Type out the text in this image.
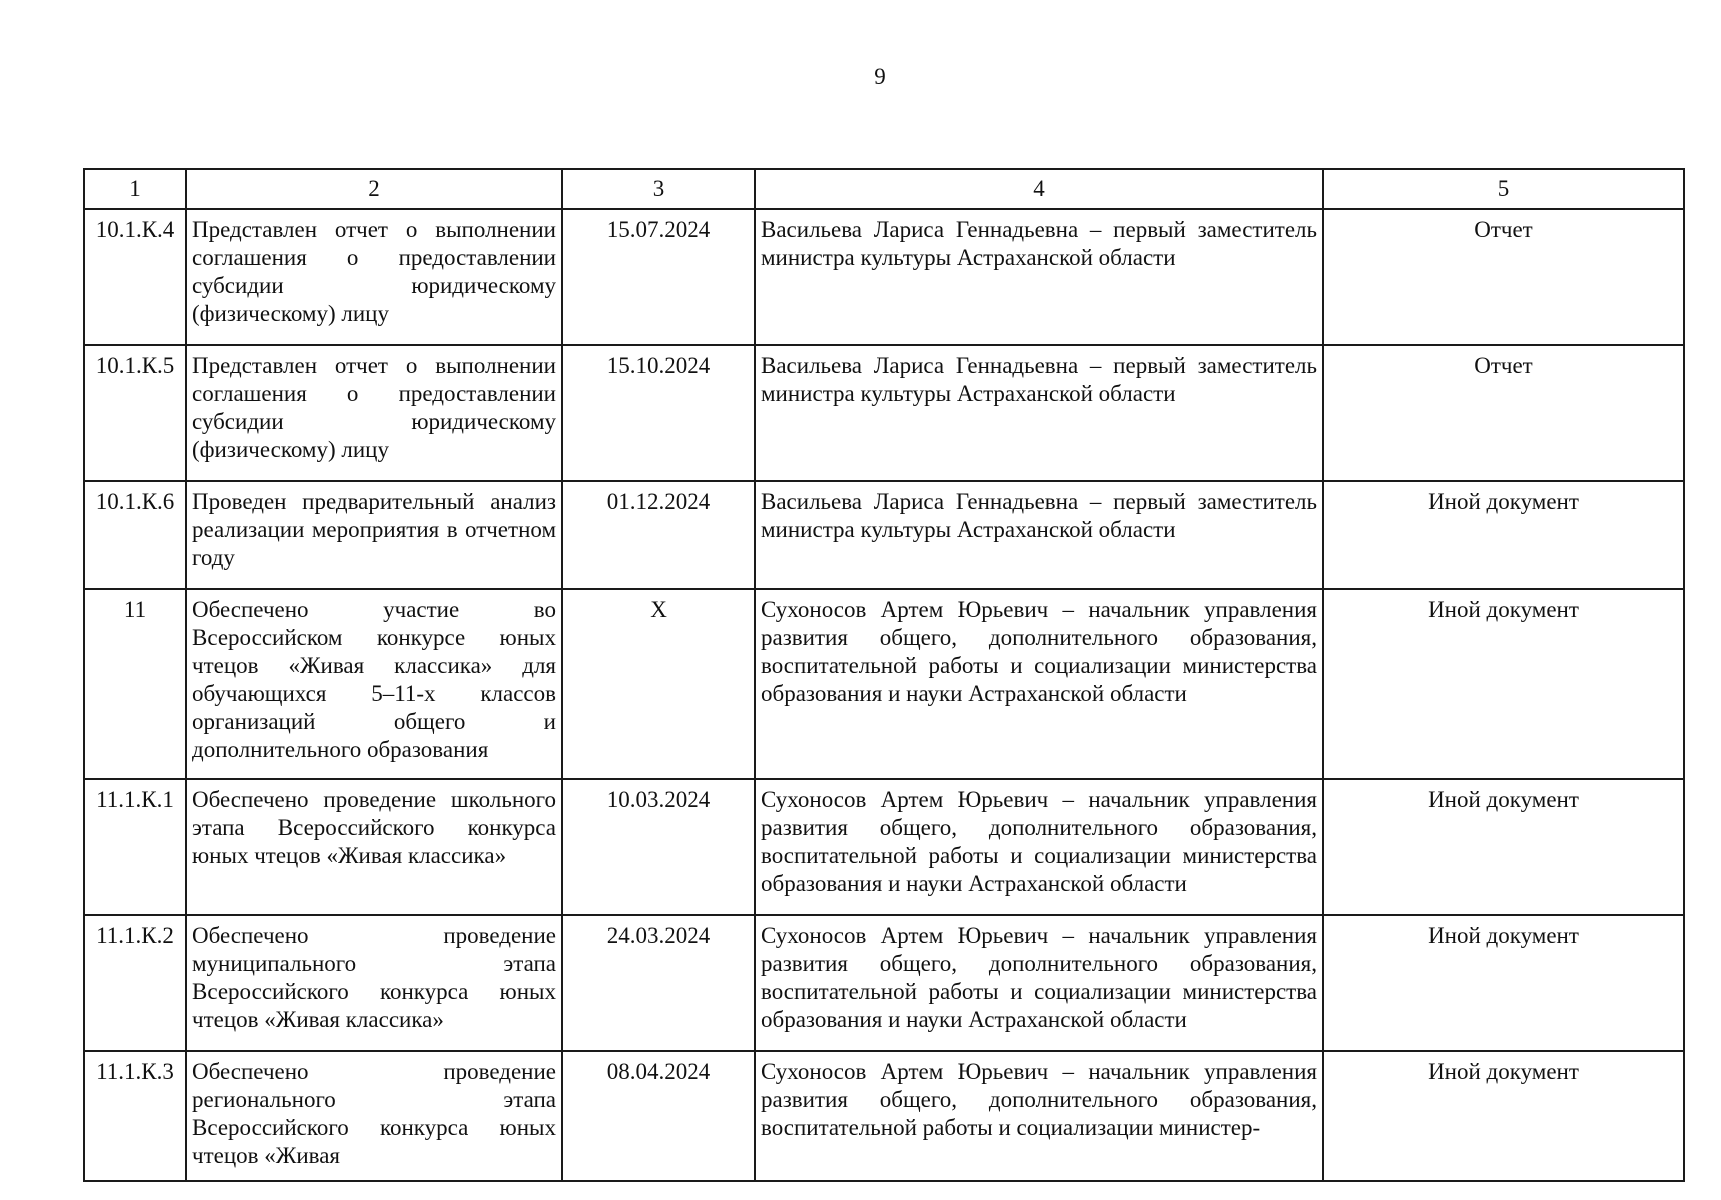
9
1	2	3	4	5
10.1.К.4	Представлен отчет о выполнении соглашения о предоставлении субсидии юридическому (физическому) лицу	15.07.2024	Васильева Лариса Геннадьевна – первый заместитель министра культуры Астраханской области	Отчет
10.1.К.5	Представлен отчет о выполнении соглашения о предоставлении субсидии юридическому (физическому) лицу	15.10.2024	Васильева Лариса Геннадьевна – первый заместитель министра культуры Астраханской области	Отчет
10.1.К.6	Проведен предварительный анализ реализации мероприятия в отчетном году	01.12.2024	Васильева Лариса Геннадьевна – первый заместитель министра культуры Астраханской области	Иной документ
11	Обеспечено участие во Всероссийском конкурсе юных чтецов «Живая классика» для обучающихся 5–11-х классов организаций общего и дополнительного образования	Х	Сухоносов Артем Юрьевич – начальник управления развития общего, дополнительного образования, воспитательной работы и социализации министерства образования и науки Астраханской области	Иной документ
11.1.К.1	Обеспечено проведение школьного этапа Всероссийского конкурса юных чтецов «Живая классика»	10.03.2024	Сухоносов Артем Юрьевич – начальник управления развития общего, дополнительного образования, воспитательной работы и социализации министерства образования и науки Астраханской области	Иной документ
11.1.К.2	Обеспечено проведение муниципального этапа Всероссийского конкурса юных чтецов «Живая классика»	24.03.2024	Сухоносов Артем Юрьевич – начальник управления развития общего, дополнительного образования, воспитательной работы и социализации министерства образования и науки Астраханской области	Иной документ
11.1.К.3	Обеспечено проведение регионального этапа Всероссийского конкурса юных чтецов «Живая	08.04.2024	Сухоносов Артем Юрьевич – начальник управления развития общего, дополнительного образования, воспитательной работы и социализации министер-	Иной документ
